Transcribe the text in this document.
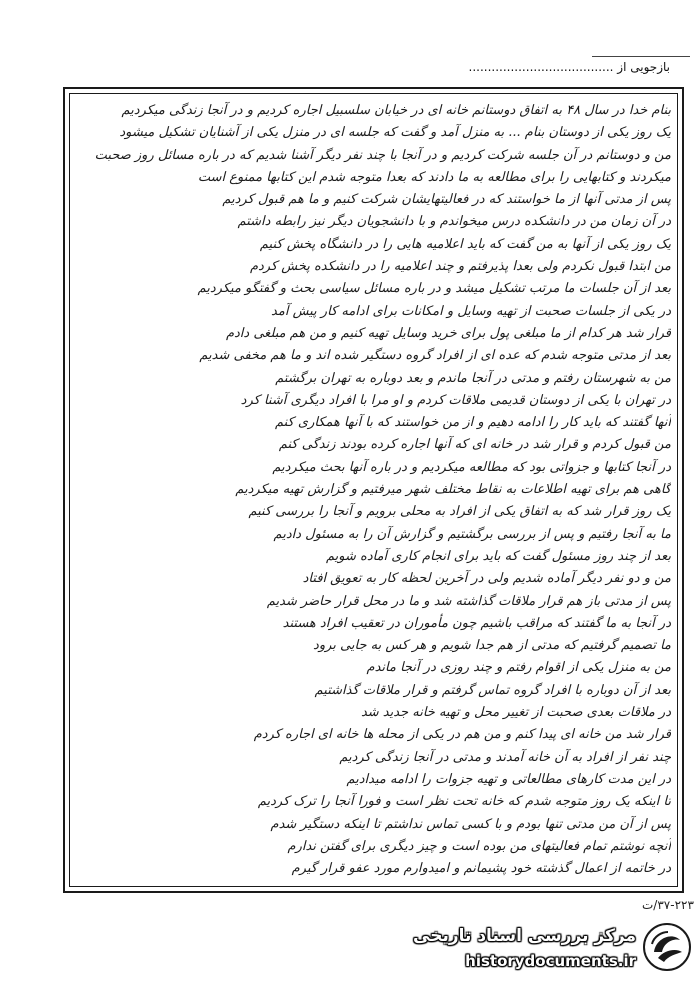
بازجویی از ......................................
بنام خدا در سال ۴۸ به اتفاق دوستانم خانه ای در خیابان سلسبیل اجاره کردیم و در آنجا زندگی میکردیم
یک روز یکی از دوستان بنام ... به منزل آمد و گفت که جلسه ای در منزل یکی از آشنایان تشکیل میشود
من و دوستانم در آن جلسه شرکت کردیم و در آنجا با چند نفر دیگر آشنا شدیم که در باره مسائل روز صحبت
میکردند و کتابهایی را برای مطالعه به ما دادند که بعدا متوجه شدم این کتابها ممنوع است
پس از مدتی آنها از ما خواستند که در فعالیتهایشان شرکت کنیم و ما هم قبول کردیم
در آن زمان من در دانشکده درس میخواندم و با دانشجویان دیگر نیز رابطه داشتم
یک روز یکی از آنها به من گفت که باید اعلامیه هایی را در دانشگاه پخش کنیم
من ابتدا قبول نکردم ولی بعدا پذیرفتم و چند اعلامیه را در دانشکده پخش کردم
بعد از آن جلسات ما مرتب تشکیل میشد و در باره مسائل سیاسی بحث و گفتگو میکردیم
در یکی از جلسات صحبت از تهیه وسایل و امکانات برای ادامه کار پیش آمد
قرار شد هر کدام از ما مبلغی پول برای خرید وسایل تهیه کنیم و من هم مبلغی دادم
بعد از مدتی متوجه شدم که عده ای از افراد گروه دستگیر شده اند و ما هم مخفی شدیم
من به شهرستان رفتم و مدتی در آنجا ماندم و بعد دوباره به تهران برگشتم
در تهران با یکی از دوستان قدیمی ملاقات کردم و او مرا با افراد دیگری آشنا کرد
آنها گفتند که باید کار را ادامه دهیم و از من خواستند که با آنها همکاری کنم
من قبول کردم و قرار شد در خانه ای که آنها اجاره کرده بودند زندگی کنم
در آنجا کتابها و جزواتی بود که مطالعه میکردیم و در باره آنها بحث میکردیم
گاهی هم برای تهیه اطلاعات به نقاط مختلف شهر میرفتیم و گزارش تهیه میکردیم
یک روز قرار شد که به اتفاق یکی از افراد به محلی برویم و آنجا را بررسی کنیم
ما به آنجا رفتیم و پس از بررسی برگشتیم و گزارش آن را به مسئول دادیم
بعد از چند روز مسئول گفت که باید برای انجام کاری آماده شویم
من و دو نفر دیگر آماده شدیم ولی در آخرین لحظه کار به تعویق افتاد
پس از مدتی باز هم قرار ملاقات گذاشته شد و ما در محل قرار حاضر شدیم
در آنجا به ما گفتند که مراقب باشیم چون مأموران در تعقیب افراد هستند
ما تصمیم گرفتیم که مدتی از هم جدا شویم و هر کس به جایی برود
من به منزل یکی از اقوام رفتم و چند روزی در آنجا ماندم
بعد از آن دوباره با افراد گروه تماس گرفتم و قرار ملاقات گذاشتیم
در ملاقات بعدی صحبت از تغییر محل و تهیه خانه جدید شد
قرار شد من خانه ای پیدا کنم و من هم در یکی از محله ها خانه ای اجاره کردم
چند نفر از افراد به آن خانه آمدند و مدتی در آنجا زندگی کردیم
در این مدت کارهای مطالعاتی و تهیه جزوات را ادامه میدادیم
تا اینکه یک روز متوجه شدم که خانه تحت نظر است و فورا آنجا را ترک کردیم
پس از آن من مدتی تنها بودم و با کسی تماس نداشتم تا اینکه دستگیر شدم
آنچه نوشتم تمام فعالیتهای من بوده است و چیز دیگری برای گفتن ندارم
در خاتمه از اعمال گذشته خود پشیمانم و امیدوارم مورد عفو قرار گیرم
۳۷-۲۲۳/ت
مرکز بررسی اسناد تاریخی
historydocuments.ir
